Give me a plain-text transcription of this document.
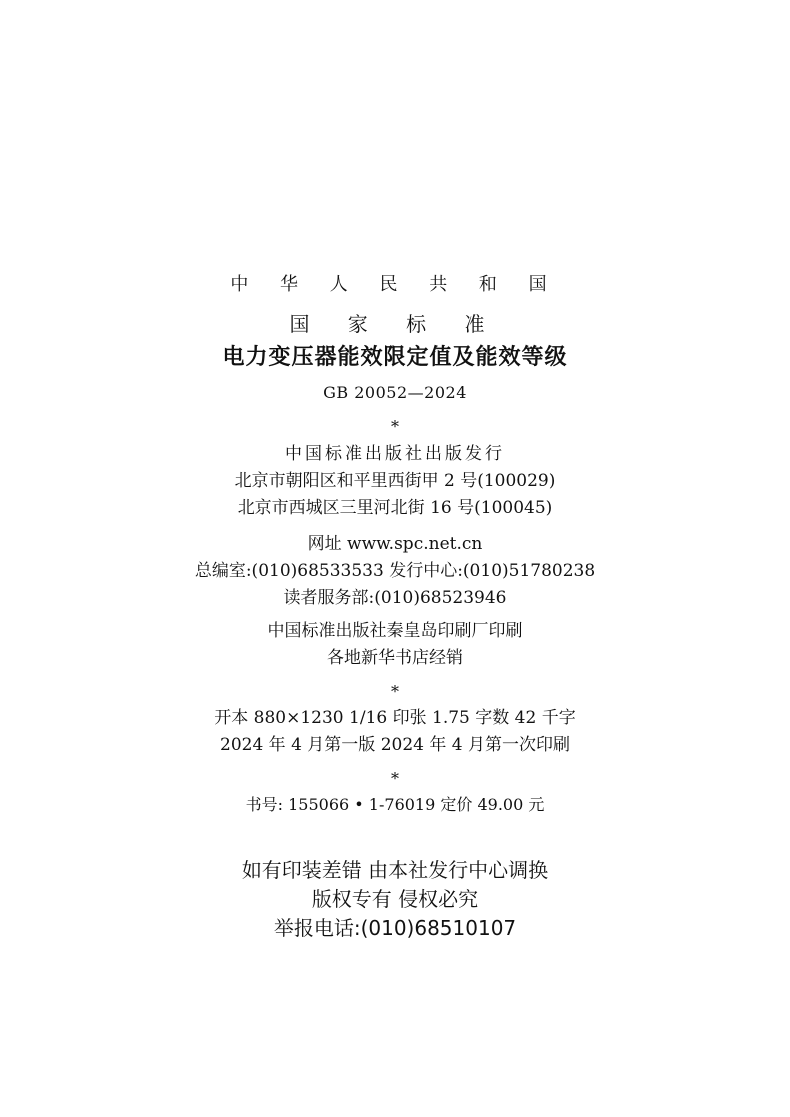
中 华 人 民 共 和 国
国 家 标 准
电力变压器能效限定值及能效等级
GB 20052—2024
*
中国标准出版社出版发行
北京市朝阳区和平里西街甲 2 号(100029)
北京市西城区三里河北街 16 号(100045)
网址 www.spc.net.cn
总编室:(010)68533533 发行中心:(010)51780238
读者服务部:(010)68523946
中国标准出版社秦皇岛印刷厂印刷
各地新华书店经销
*
开本 880×1230 1/16 印张 1.75 字数 42 千字
2024 年 4 月第一版 2024 年 4 月第一次印刷
*
书号: 155066 • 1-76019 定价 49.00 元
如有印装差错 由本社发行中心调换
版权专有 侵权必究
举报电话:(010)68510107
